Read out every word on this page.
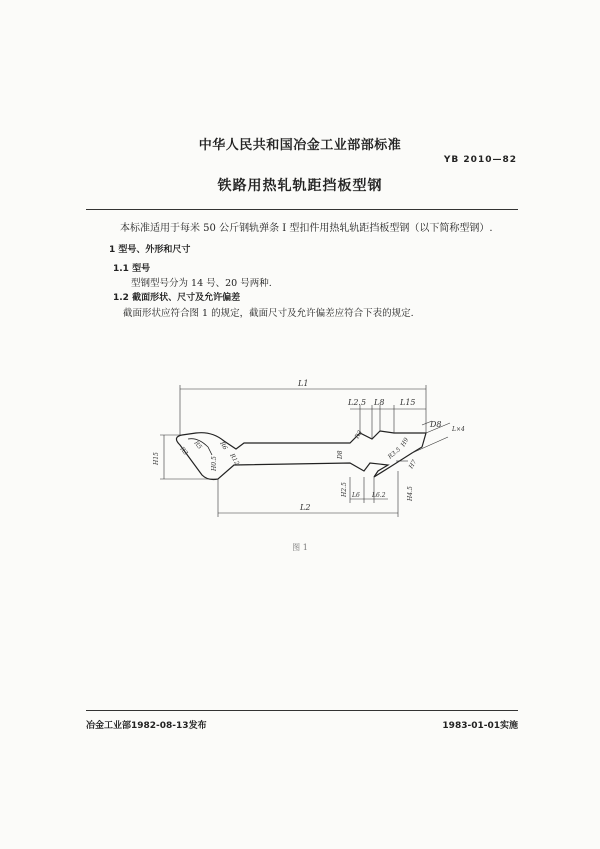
中华人民共和国冶金工业部部标准
YB 2010—82
铁路用热轧轨距挡板型钢
本标准适用于每米 50 公斤钢轨弹条 I 型扣件用热轧轨距挡板型钢（以下简称型钢）.
1 型号、外形和尺寸
1.1 型号
型钢型号分为 14 号、20 号两种.
1.2 截面形状、尺寸及允许偏差
截面形状应符合图 1 的规定，截面尺寸及允许偏差应符合下表的规定.
L1
L2
L2.5 L8 L15
D8
L×4
L6 L6.2
H15
H2.5	H4.5
D8
H9
H7
H0.5
R3
R5	R6
R12
R3
R3.5
图 1
冶金工业部1982-08-13发布	1983-01-01实施
